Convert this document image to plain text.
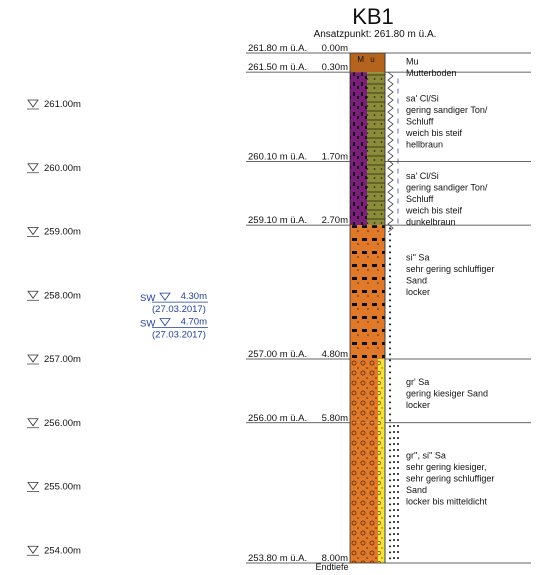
KB1
Ansatzpunkt: 261.80 m ü.A.
261.80 m ü.A. 0.00m
261.50 m ü.A. 0.30m
260.10 m ü.A. 1.70m
259.10 m ü.A. 2.70m
257.00 m ü.A. 4.80m
256.00 m ü.A. 5.80m
253.80 m ü.A. 8.00m
Mu
Mutterboden
sa' Cl/Si
gering sandiger Ton/
Schluff
weich bis steif
hellbraun
sa' Cl/Si
gering sandiger Ton/
Schluff
weich bis steif
dunkelbraun
si'' Sa
sehr gering schluffiger
Sand
locker
gr' Sa
gering kiesiger Sand
locker
gr'', si'' Sa
sehr gering kiesiger,
sehr gering schluffiger
Sand
locker bis mitteldicht
261.00m
260.00m
259.00m
258.00m
257.00m
256.00m
255.00m
254.00m
SW	4.30m
(27.03.2017)
SW	4.70m
(27.03.2017)
M u
Endtiefe
